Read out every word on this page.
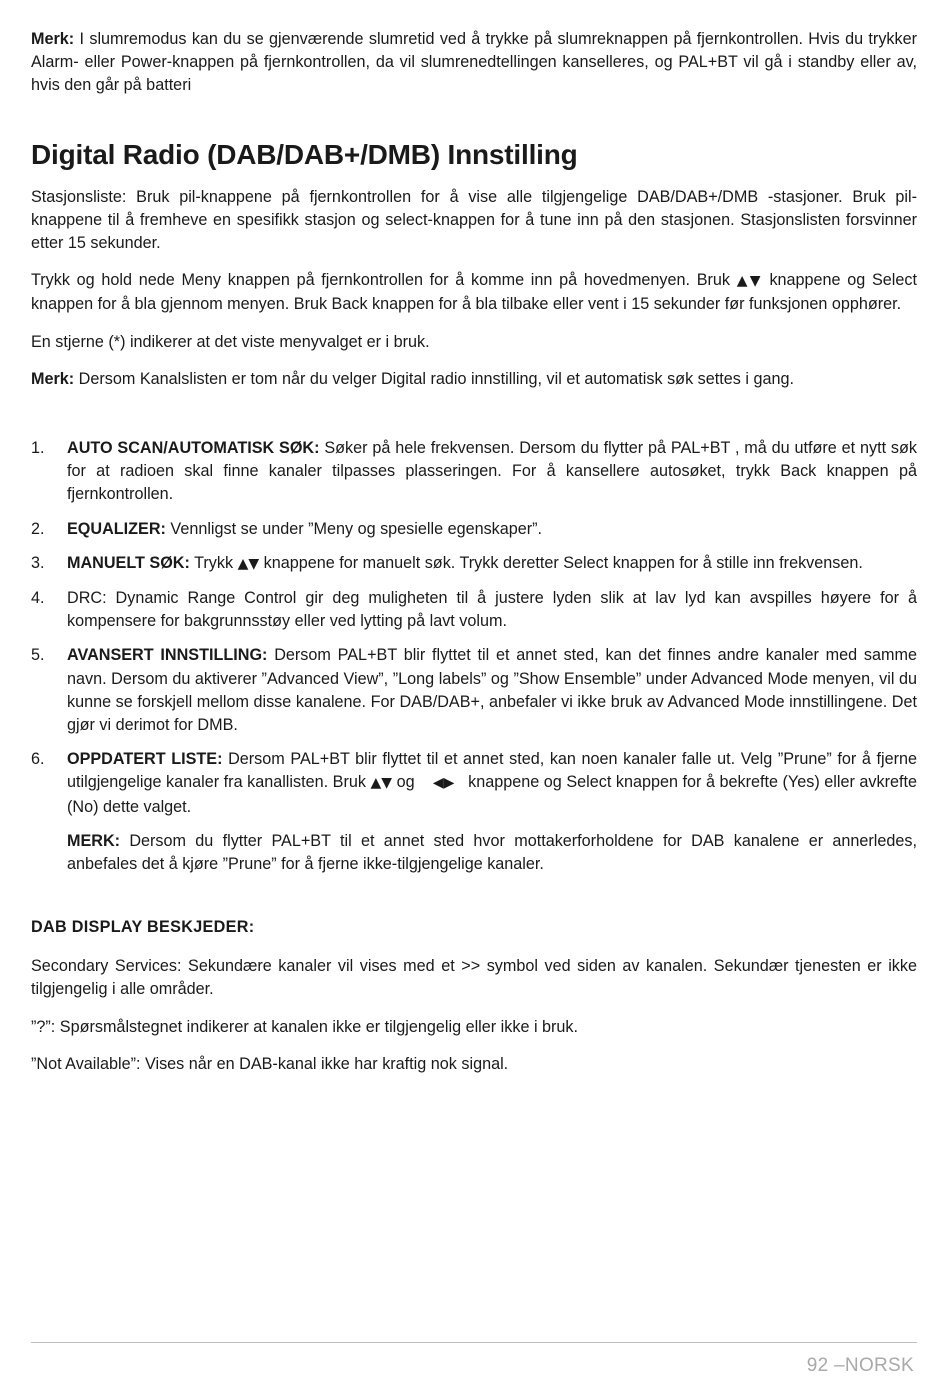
Merk: I slumremodus kan du se gjenværende slumretid ved å trykke på slumreknappen på fjernkontrollen. Hvis du trykker Alarm- eller Power-knappen på fjernkontrollen, da vil slumrenedtellingen kanselleres, og PAL+BT vil gå i standby eller av, hvis den går på batteri

Digital Radio (DAB/DAB+/DMB) Innstilling

Stasjonsliste: Bruk pil-knappene på fjernkontrollen for å vise alle tilgjengelige DAB/DAB+/DMB -stasjoner. Bruk pil-knappene til å fremheve en spesifikk stasjon og select-knappen for å tune inn på den stasjonen. Stasjonslisten forsvinner etter 15 sekunder.

Trykk og hold nede Meny knappen på fjernkontrollen for å komme inn på hovedmenyen. Bruk ▲▼ knappene og Select knappen for å bla gjennom menyen. Bruk Back knappen for å bla tilbake eller vent i 15 sekunder før funksjonen opphører.

En stjerne (*) indikerer at det viste menyvalget er i bruk.

Merk: Dersom Kanalslisten er tom når du velger Digital radio innstilling, vil et automatisk søk settes i gang.

1. AUTO SCAN/AUTOMATISK SØK: Søker på hele frekvensen. Dersom du flytter på PAL+BT , må du utføre et nytt søk for at radioen skal finne kanaler tilpasses plasseringen. For å kansellere autosøket, trykk Back knappen på fjernkontrollen.

2. EQUALIZER: Vennligst se under ”Meny og spesielle egenskaper”.

3. MANUELT SØK: Trykk ▲▼ knappene for manuelt søk. Trykk deretter Select knappen for å stille inn frekvensen.

4. DRC: Dynamic Range Control gir deg muligheten til å justere lyden slik at lav lyd kan avspilles høyere for å kompensere for bakgrunnsstøy eller ved lytting på lavt volum.

5. AVANSERT INNSTILLING: Dersom PAL+BT blir flyttet til et annet sted, kan det finnes andre kanaler med samme navn. Dersom du aktiverer ”Advanced View”, ”Long labels” og ”Show Ensemble” under Advanced Mode menyen, vil du kunne se forskjell mellom disse kanalene. For DAB/DAB+, anbefaler vi ikke bruk av Advanced Mode innstillingene. Det gjør vi derimot for DMB.

6. OPPDATERT LISTE: Dersom PAL+BT blir flyttet til et annet sted, kan noen kanaler falle ut. Velg ”Prune” for å fjerne utilgjengelige kanaler fra kanallisten. Bruk ▲▼ og    ◀▶   knappene og Select knappen for å bekrefte (Yes) eller avkrefte (No) dette valget.

MERK: Dersom du flytter PAL+BT til et annet sted hvor mottakerforholdene for DAB kanalene er annerledes, anbefales det å kjøre ”Prune” for å fjerne ikke-tilgjengelige kanaler.

DAB DISPLAY BESKJEDER:

Secondary Services: Sekundære kanaler vil vises med et >> symbol ved siden av kanalen. Sekundær tjenesten er ikke tilgjengelig i alle områder.

”?”: Spørsmålstegnet indikerer at kanalen ikke er tilgjengelig eller ikke i bruk.

”Not Available”: Vises når en DAB-kanal ikke har kraftig nok signal.

92 –NORSK
